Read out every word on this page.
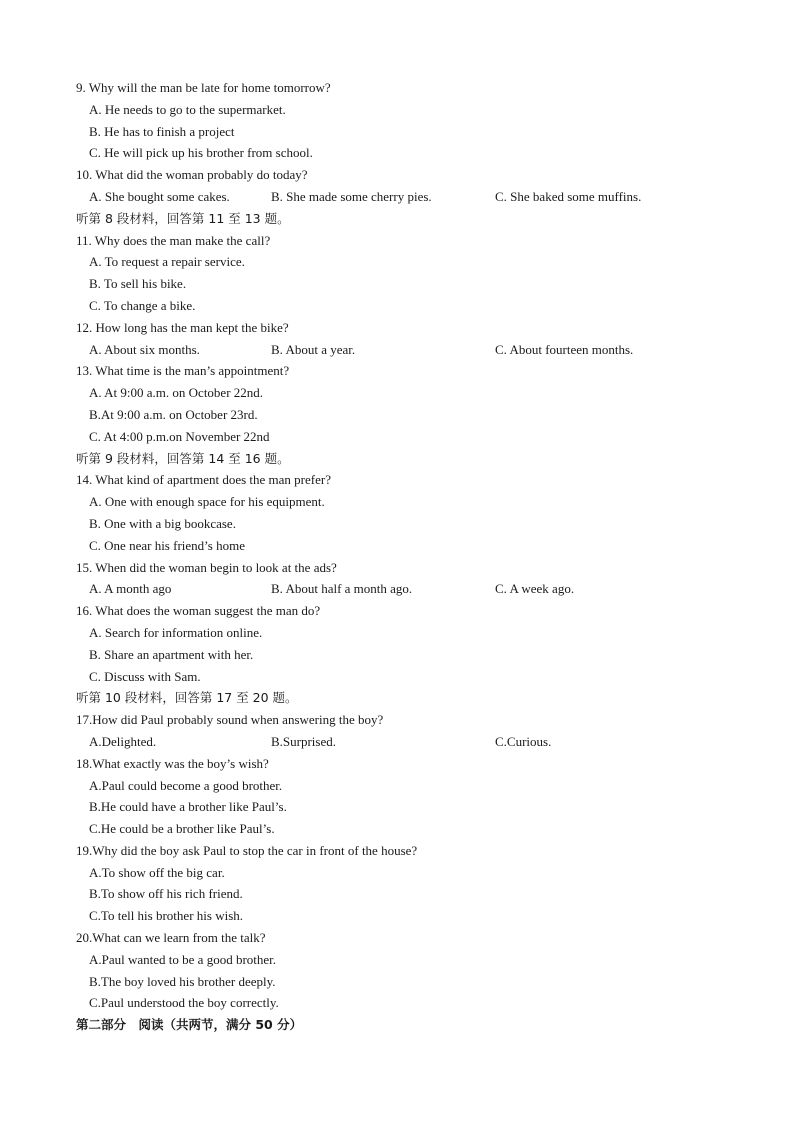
9. Why will the man be late for home tomorrow?
A. He needs to go to the supermarket.
B. He has to finish a project
C. He will pick up his brother from school.
10. What did the woman probably do today?
A. She bought some cakes.	B. She made some cherry pies.	C. She baked some muffins.
听第 8 段材料，回答第 11 至 13 题。
11. Why does the man make the call?
A. To request a repair service.
B. To sell his bike.
C. To change a bike.
12. How long has the man kept the bike?
A. About six months.	B. About a year.	C. About fourteen months.
13. What time is the man’s appointment?
A. At 9:00 a.m. on October 22nd.
B.At 9:00 a.m. on October 23rd.
C. At 4:00 p.m.on November 22nd
听第 9 段材料，回答第 14 至 16 题。
14. What kind of apartment does the man prefer?
A. One with enough space for his equipment.
B. One with a big bookcase.
C. One near his friend’s home
15. When did the woman begin to look at the ads?
A. A month ago	B. About half a month ago.	C. A week ago.
16. What does the woman suggest the man do?
A. Search for information online.
B. Share an apartment with her.
C. Discuss with Sam.
听第 10 段材料，回答第 17 至 20 题。
17.How did Paul probably sound when answering the boy?
A.Delighted.	B.Surprised.	C.Curious.
18.What exactly was the boy’s wish?
A.Paul could become a good brother.
B.He could have a brother like Paul’s.
C.He could be a brother like Paul’s.
19.Why did the boy ask Paul to stop the car in front of the house?
A.To show off the big car.
B.To show off his rich friend.
C.To tell his brother his wish.
20.What can we learn from the talk?
A.Paul wanted to be a good brother.
B.The boy loved his brother deeply.
C.Paul understood the boy correctly.
第二部分　阅读（共两节，满分 50 分）
